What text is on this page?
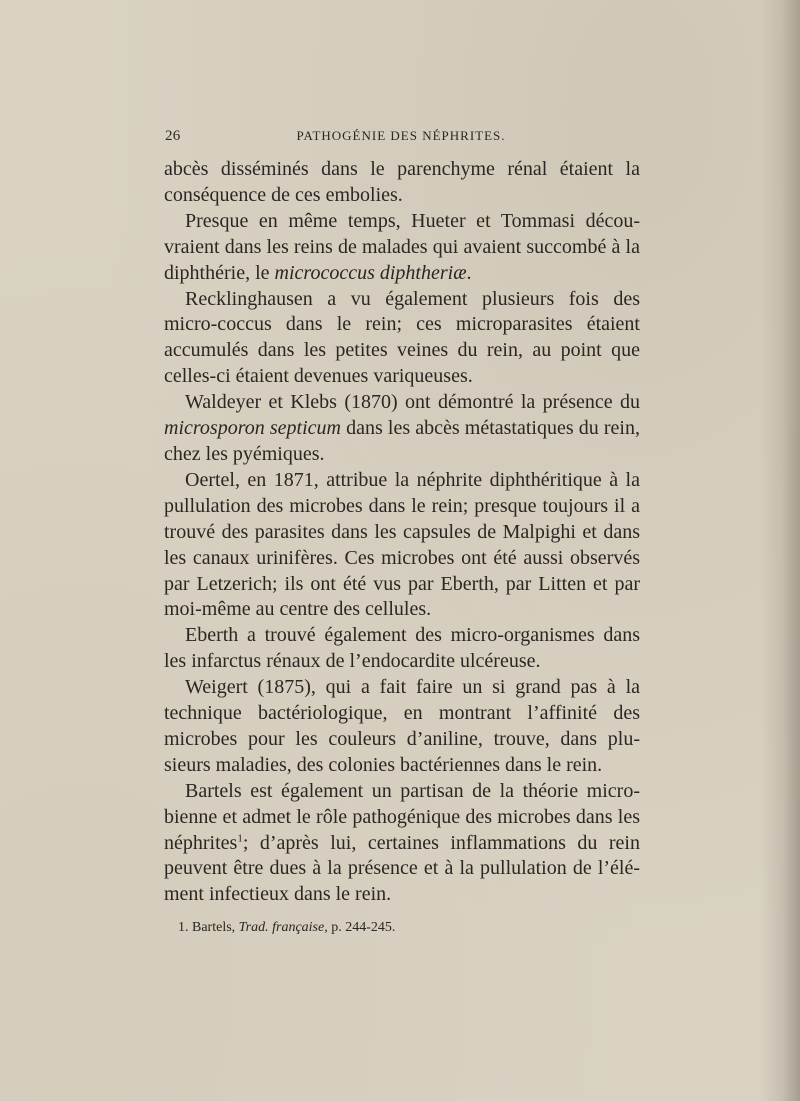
26	PATHOGÉNIE DES NÉPHRITES.

abcès disséminés dans le parenchyme rénal étaient la conséquence de ces embolies.

Presque en même temps, Hueter et Tommasi décou-vraient dans les reins de malades qui avaient succombé à la diphthérie, le micrococcus diphtheriæ.

Recklinghausen a vu également plusieurs fois des micro-coccus dans le rein; ces microparasites étaient accumulés dans les petites veines du rein, au point que celles-ci étaient devenues variqueuses.

Waldeyer et Klebs (1870) ont démontré la présence du microsporon septicum dans les abcès métastatiques du rein, chez les pyémiques.

Oertel, en 1871, attribue la néphrite diphthéritique à la pullulation des microbes dans le rein; presque toujours il a trouvé des parasites dans les capsules de Malpighi et dans les canaux urinifères. Ces microbes ont été aussi observés par Letzerich; ils ont été vus par Eberth, par Litten et par moi-même au centre des cellules.

Eberth a trouvé également des micro-organismes dans les infarctus rénaux de l’endocardite ulcéreuse.

Weigert (1875), qui a fait faire un si grand pas à la technique bactériologique, en montrant l’affinité des microbes pour les couleurs d’aniline, trouve, dans plu-sieurs maladies, des colonies bactériennes dans le rein.

Bartels est également un partisan de la théorie micro-bienne et admet le rôle pathogénique des microbes dans les néphrites$^1$; d’après lui, certaines inflammations du rein peuvent être dues à la présence et à la pullulation de l’élé-ment infectieux dans le rein.

1. Bartels, Trad. française, p. 244-245.
